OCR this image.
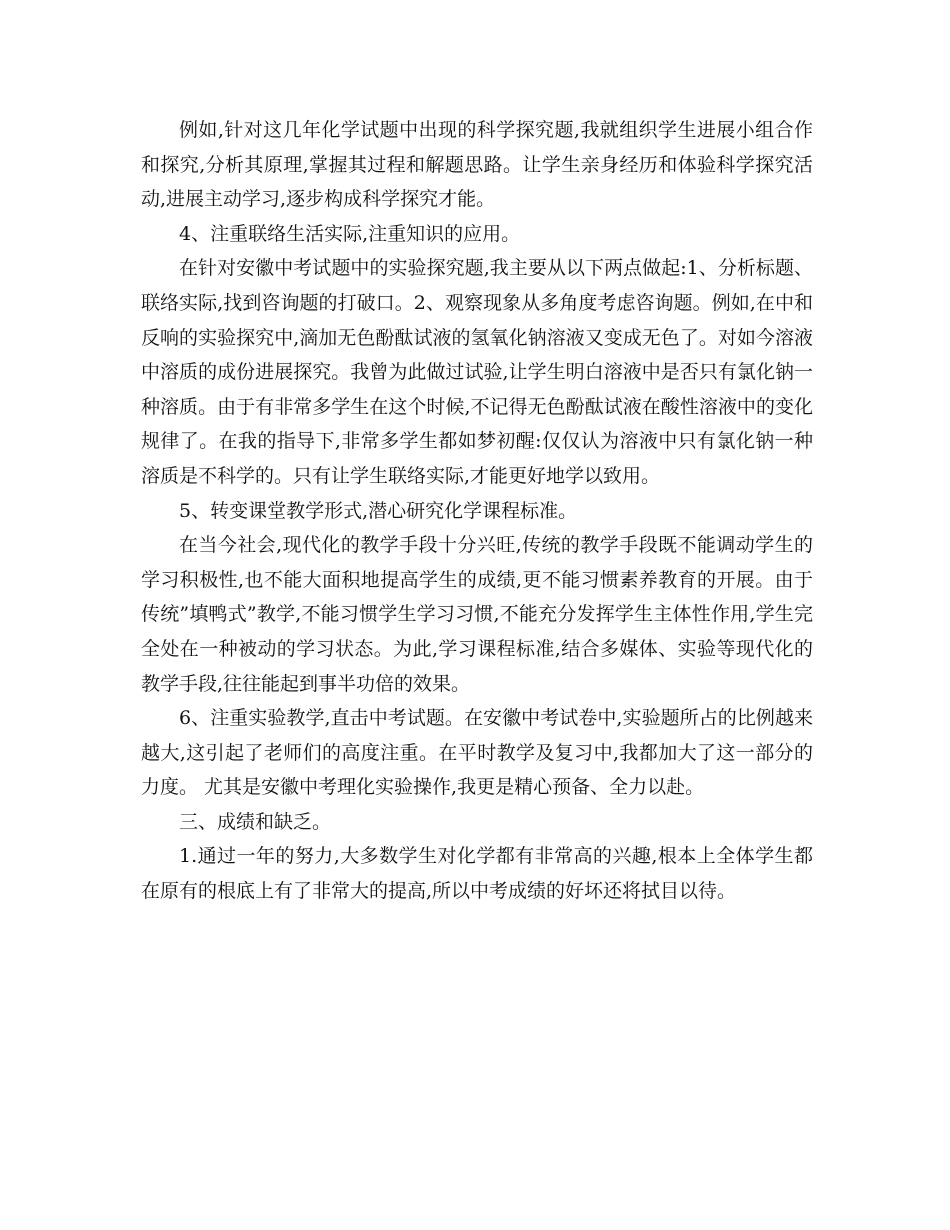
例如,针对这几年化学试题中出现的科学探究题,我就组织学生进展小组合作和探究,分析其原理,掌握其过程和解题思路。让学生亲身经历和体验科学探究活动,进展主动学习,逐步构成科学探究才能。

4、注重联络生活实际,注重知识的应用。

在针对安徽中考试题中的实验探究题,我主要从以下两点做起:1、分析标题、联络实际,找到咨询题的打破口。2、观察现象从多角度考虑咨询题。例如,在中和反响的实验探究中,滴加无色酚酞试液的氢氧化钠溶液又变成无色了。对如今溶液中溶质的成份进展探究。我曾为此做过试验,让学生明白溶液中是否只有氯化钠一种溶质。由于有非常多学生在这个时候,不记得无色酚酞试液在酸性溶液中的变化规律了。在我的指导下,非常多学生都如梦初醒:仅仅认为溶液中只有氯化钠一种溶质是不科学的。只有让学生联络实际,才能更好地学以致用。

5、转变课堂教学形式,潜心研究化学课程标准。

在当今社会,现代化的教学手段十分兴旺,传统的教学手段既不能调动学生的学习积极性,也不能大面积地提高学生的成绩,更不能习惯素养教育的开展。由于传统”填鸭式”教学,不能习惯学生学习习惯,不能充分发挥学生主体性作用,学生完全处在一种被动的学习状态。为此,学习课程标准,结合多媒体、实验等现代化的教学手段,往往能起到事半功倍的效果。

6、注重实验教学,直击中考试题。在安徽中考试卷中,实验题所占的比例越来越大,这引起了老师们的高度注重。在平时教学及复习中,我都加大了这一部分的力度。 尤其是安徽中考理化实验操作,我更是精心预备、全力以赴。

三、成绩和缺乏。

1.通过一年的努力,大多数学生对化学都有非常高的兴趣,根本上全体学生都在原有的根底上有了非常大的提高,所以中考成绩的好坏还将拭目以待。
